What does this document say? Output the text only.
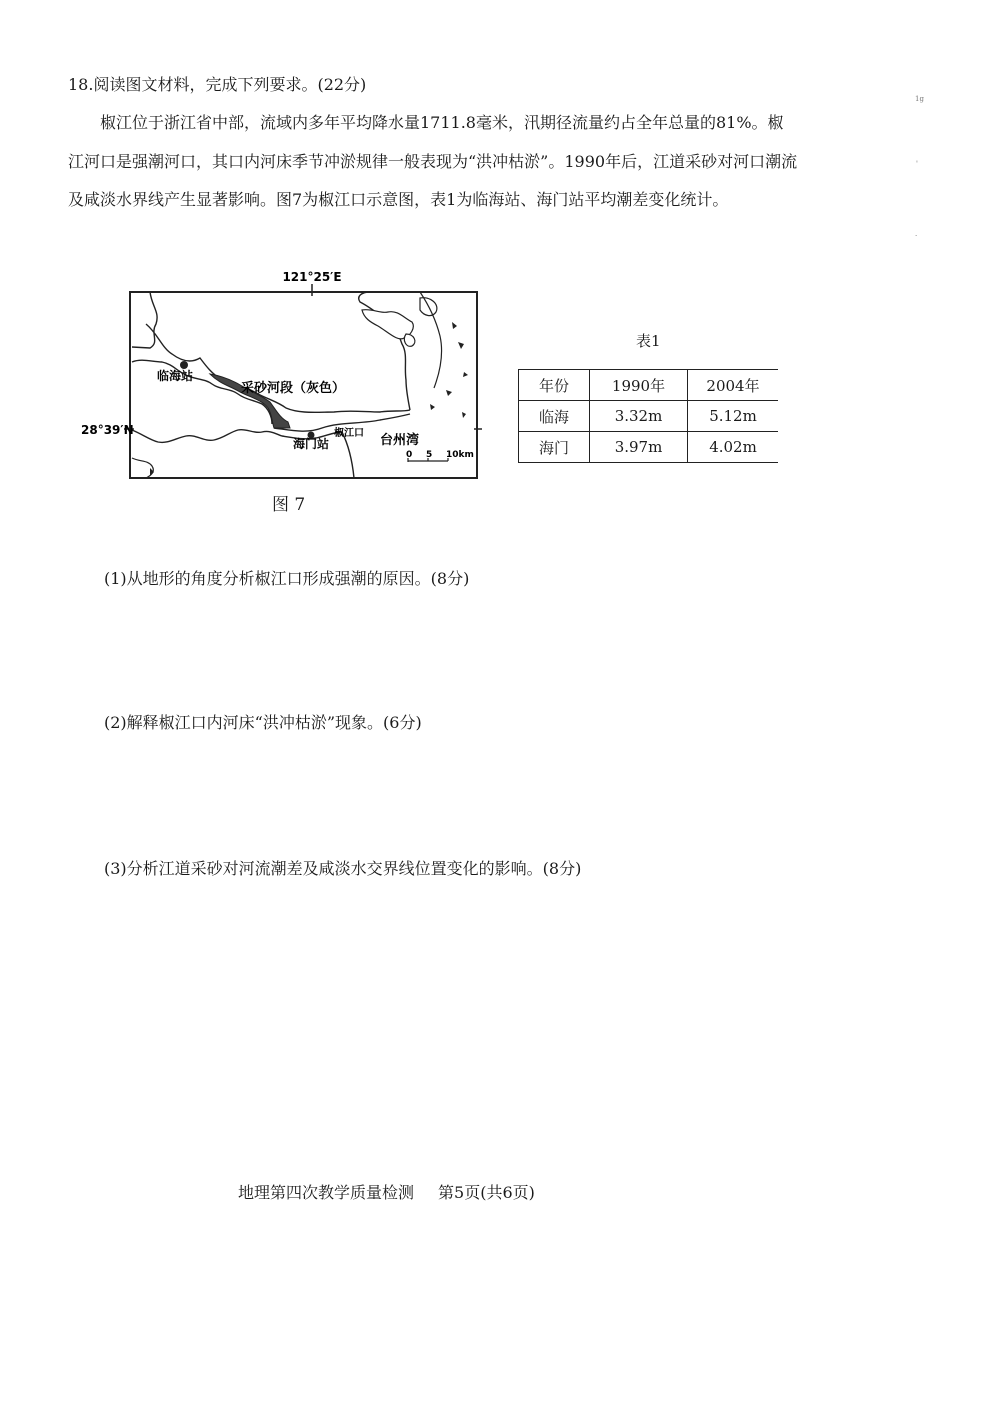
18.阅读图文材料，完成下列要求。(22分)
椒江位于浙江省中部，流域内多年平均降水量1711.8毫米，汛期径流量约占全年总量的81%。椒江河口是强潮河口，其口内河床季节冲淤规律一般表现为“洪冲枯淤”。1990年后，江道采砂对河口潮流及咸淡水界线产生显著影响。图7为椒江口示意图，表1为临海站、海门站平均潮差变化统计。
1g
'
.
121°25′E
28°39′N
临海站
采砂河段（灰色）
海门站
椒江口 台州湾
0 5 10km
图 7
表1
年份	1990年	2004年
临海	3.32m	5.12m
海门	3.97m	4.02m
(1)从地形的角度分析椒江口形成强潮的原因。(8分)
(2)解释椒江口内河床“洪冲枯淤”现象。(6分)
(3)分析江道采砂对河流潮差及咸淡水交界线位置变化的影响。(8分)
地理第四次教学质量检测 第5页(共6页)
